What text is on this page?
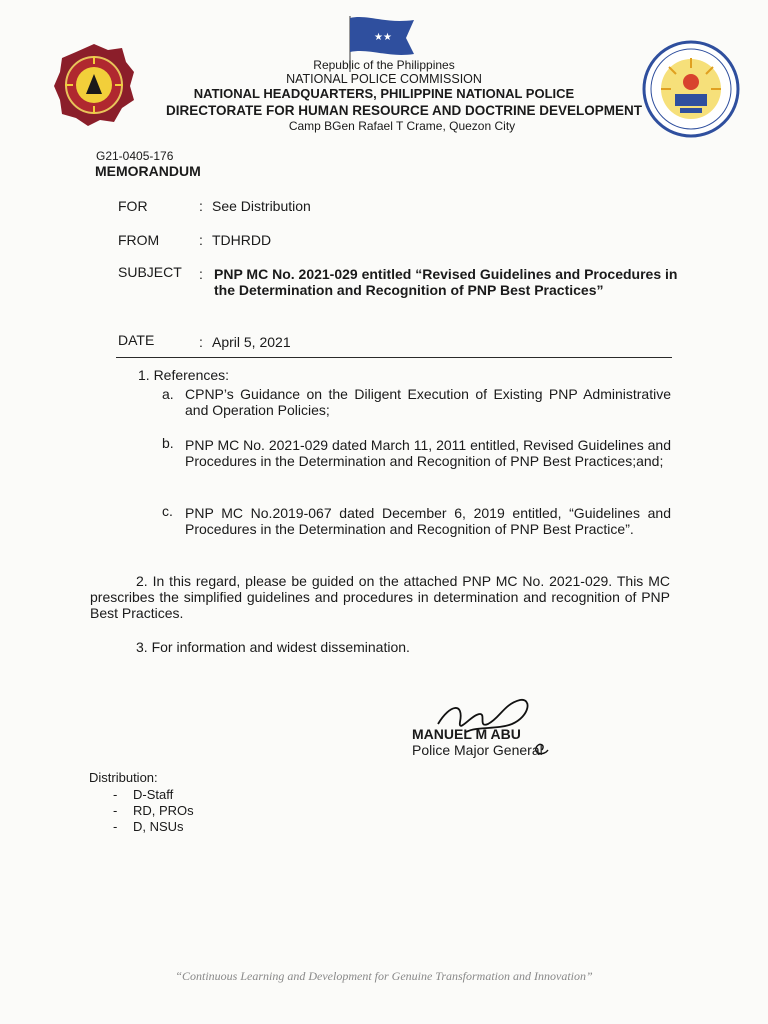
★★
Republic of the Philippines
NATIONAL POLICE COMMISSION
NATIONAL HEADQUARTERS, PHILIPPINE NATIONAL POLICE
DIRECTORATE FOR HUMAN RESOURCE AND DOCTRINE DEVELOPMENT
Camp BGen Rafael T Crame, Quezon City
G21-0405-176
MEMORANDUM
FOR	: See Distribution
FROM	: TDHRDD
SUBJECT : PNP MC No. 2021-029 entitled “Revised Guidelines and Procedures in the Determination and Recognition of PNP Best Practices”
DATE	: April 5, 2021
1. References:
a. CPNP’s Guidance on the Diligent Execution of Existing PNP Administrative and Operation Policies;
b. PNP MC No. 2021-029 dated March 11, 2011 entitled, Revised Guidelines and Procedures in the Determination and Recognition of PNP Best Practices;and;
c. PNP MC No.2019-067 dated December 6, 2019 entitled, “Guidelines and Procedures in the Determination and Recognition of PNP Best Practice”.
2. In this regard, please be guided on the attached PNP MC No. 2021-029. This MC prescribes the simplified guidelines and procedures in determination and recognition of PNP Best Practices.
3. For information and widest dissemination.
MANUEL M ABU
Police Major General
Distribution:
- D-Staff
- RD, PROs
- D, NSUs
“Continuous Learning and Development for Genuine Transformation and Innovation”
